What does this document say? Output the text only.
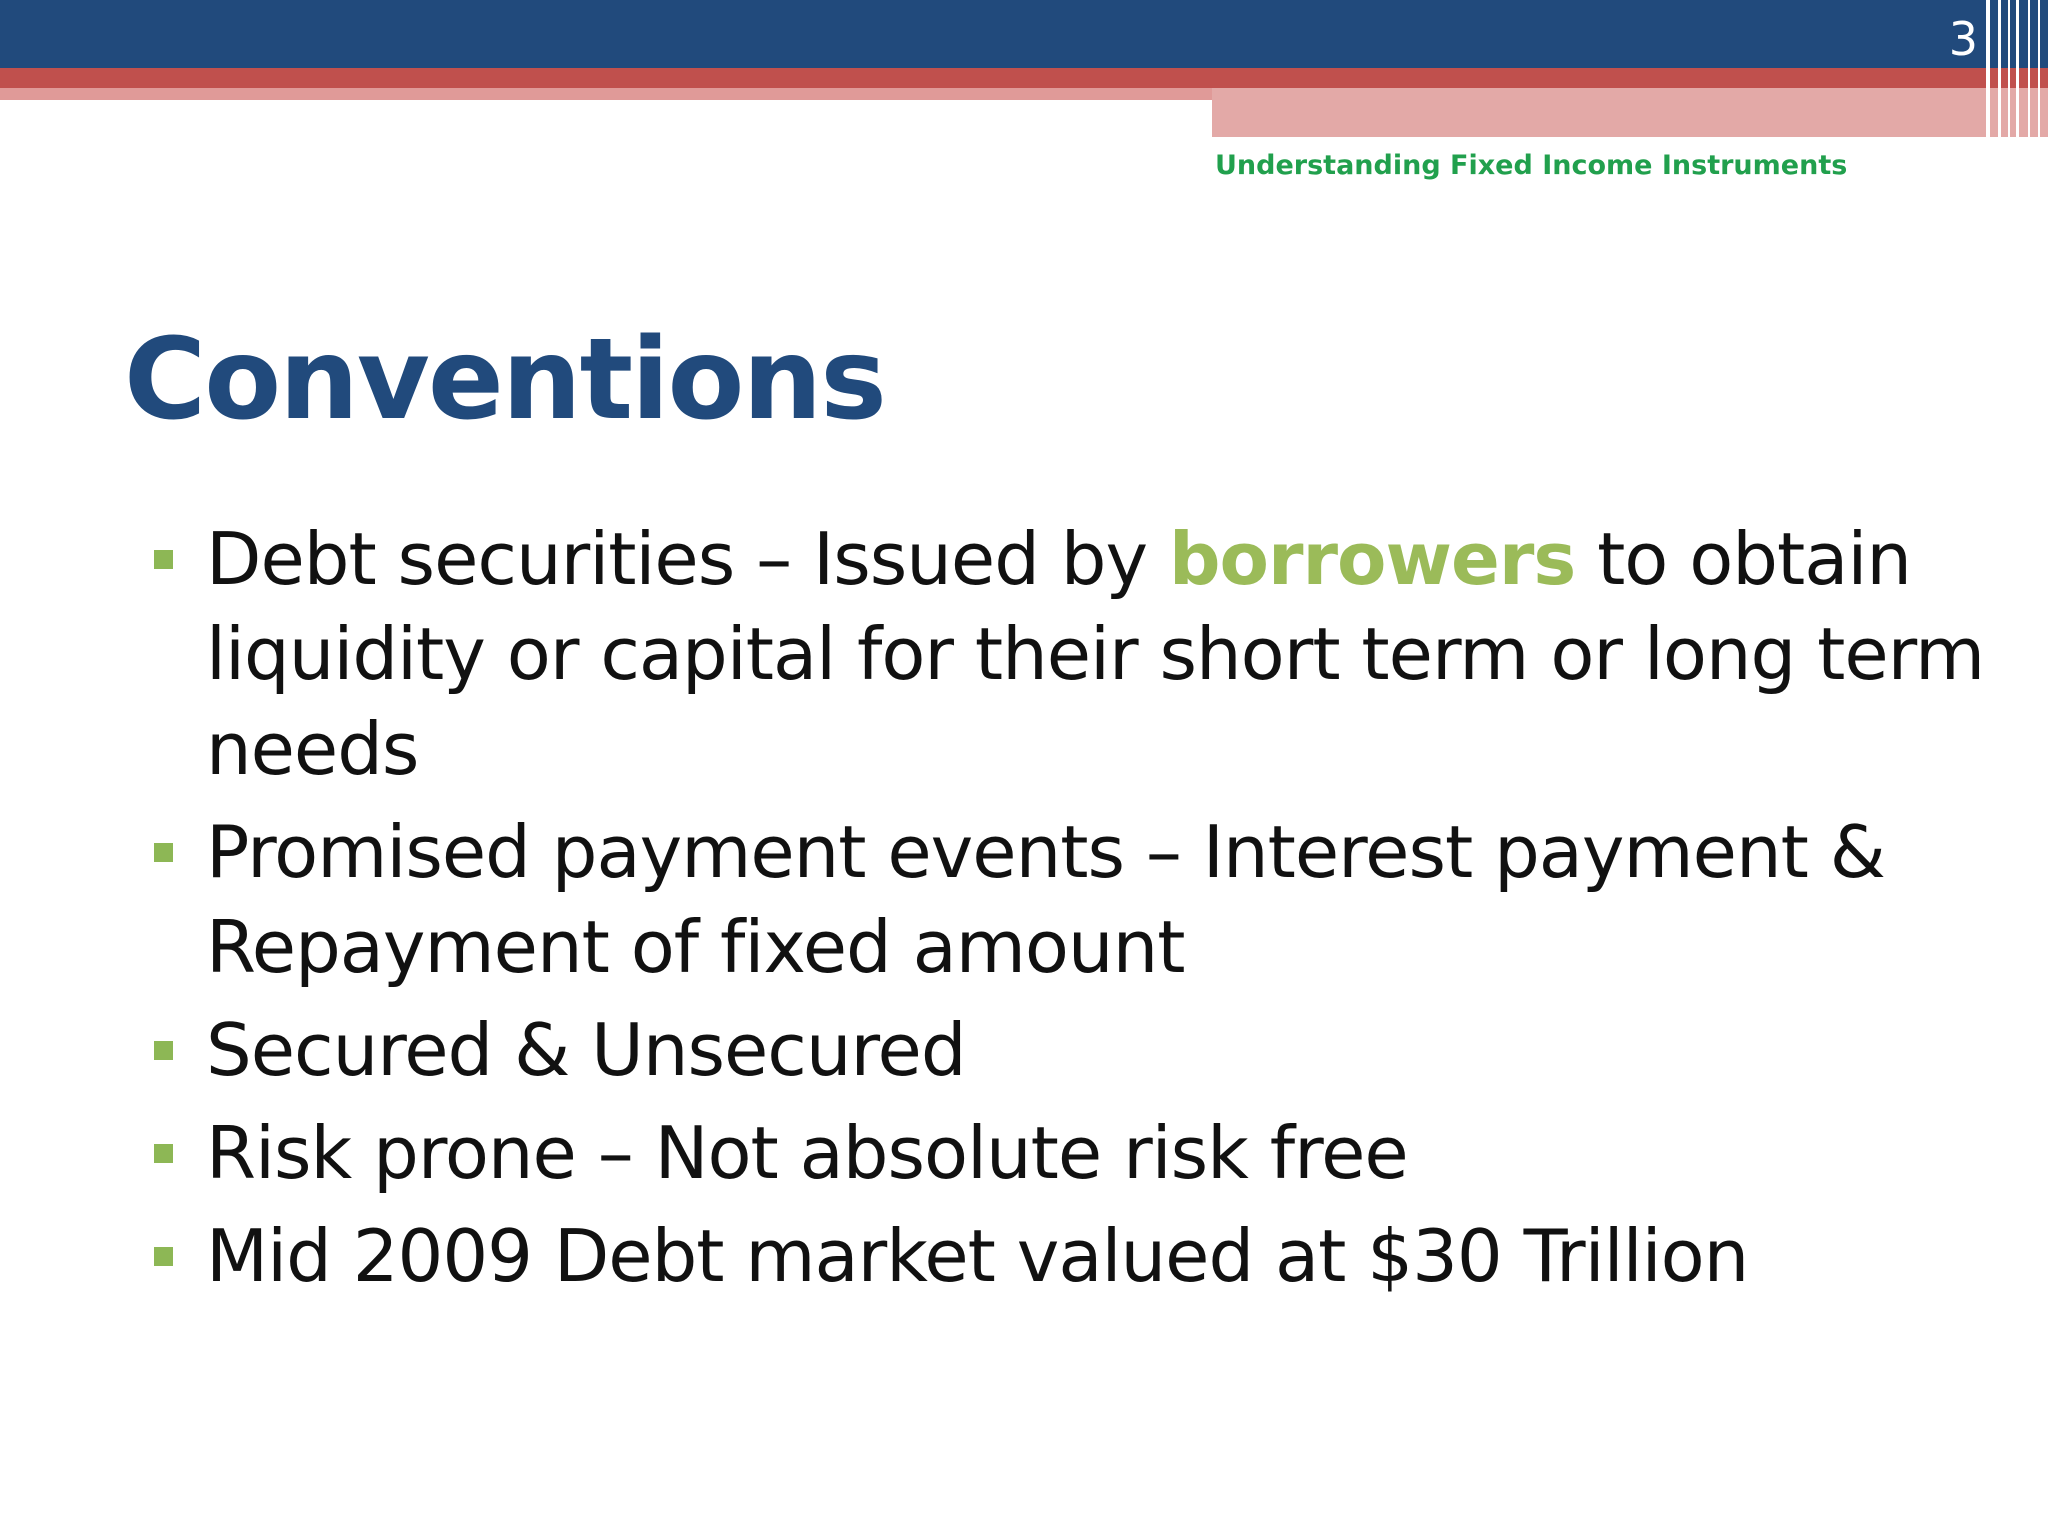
3
Understanding Fixed Income Instruments
Conventions
Debt securities – Issued by borrowers to obtain liquidity or capital for their short term or long term needs
Promised payment events – Interest payment & Repayment of fixed amount
Secured & Unsecured
Risk prone – Not absolute risk free
Mid 2009 Debt market valued at $30 Trillion
